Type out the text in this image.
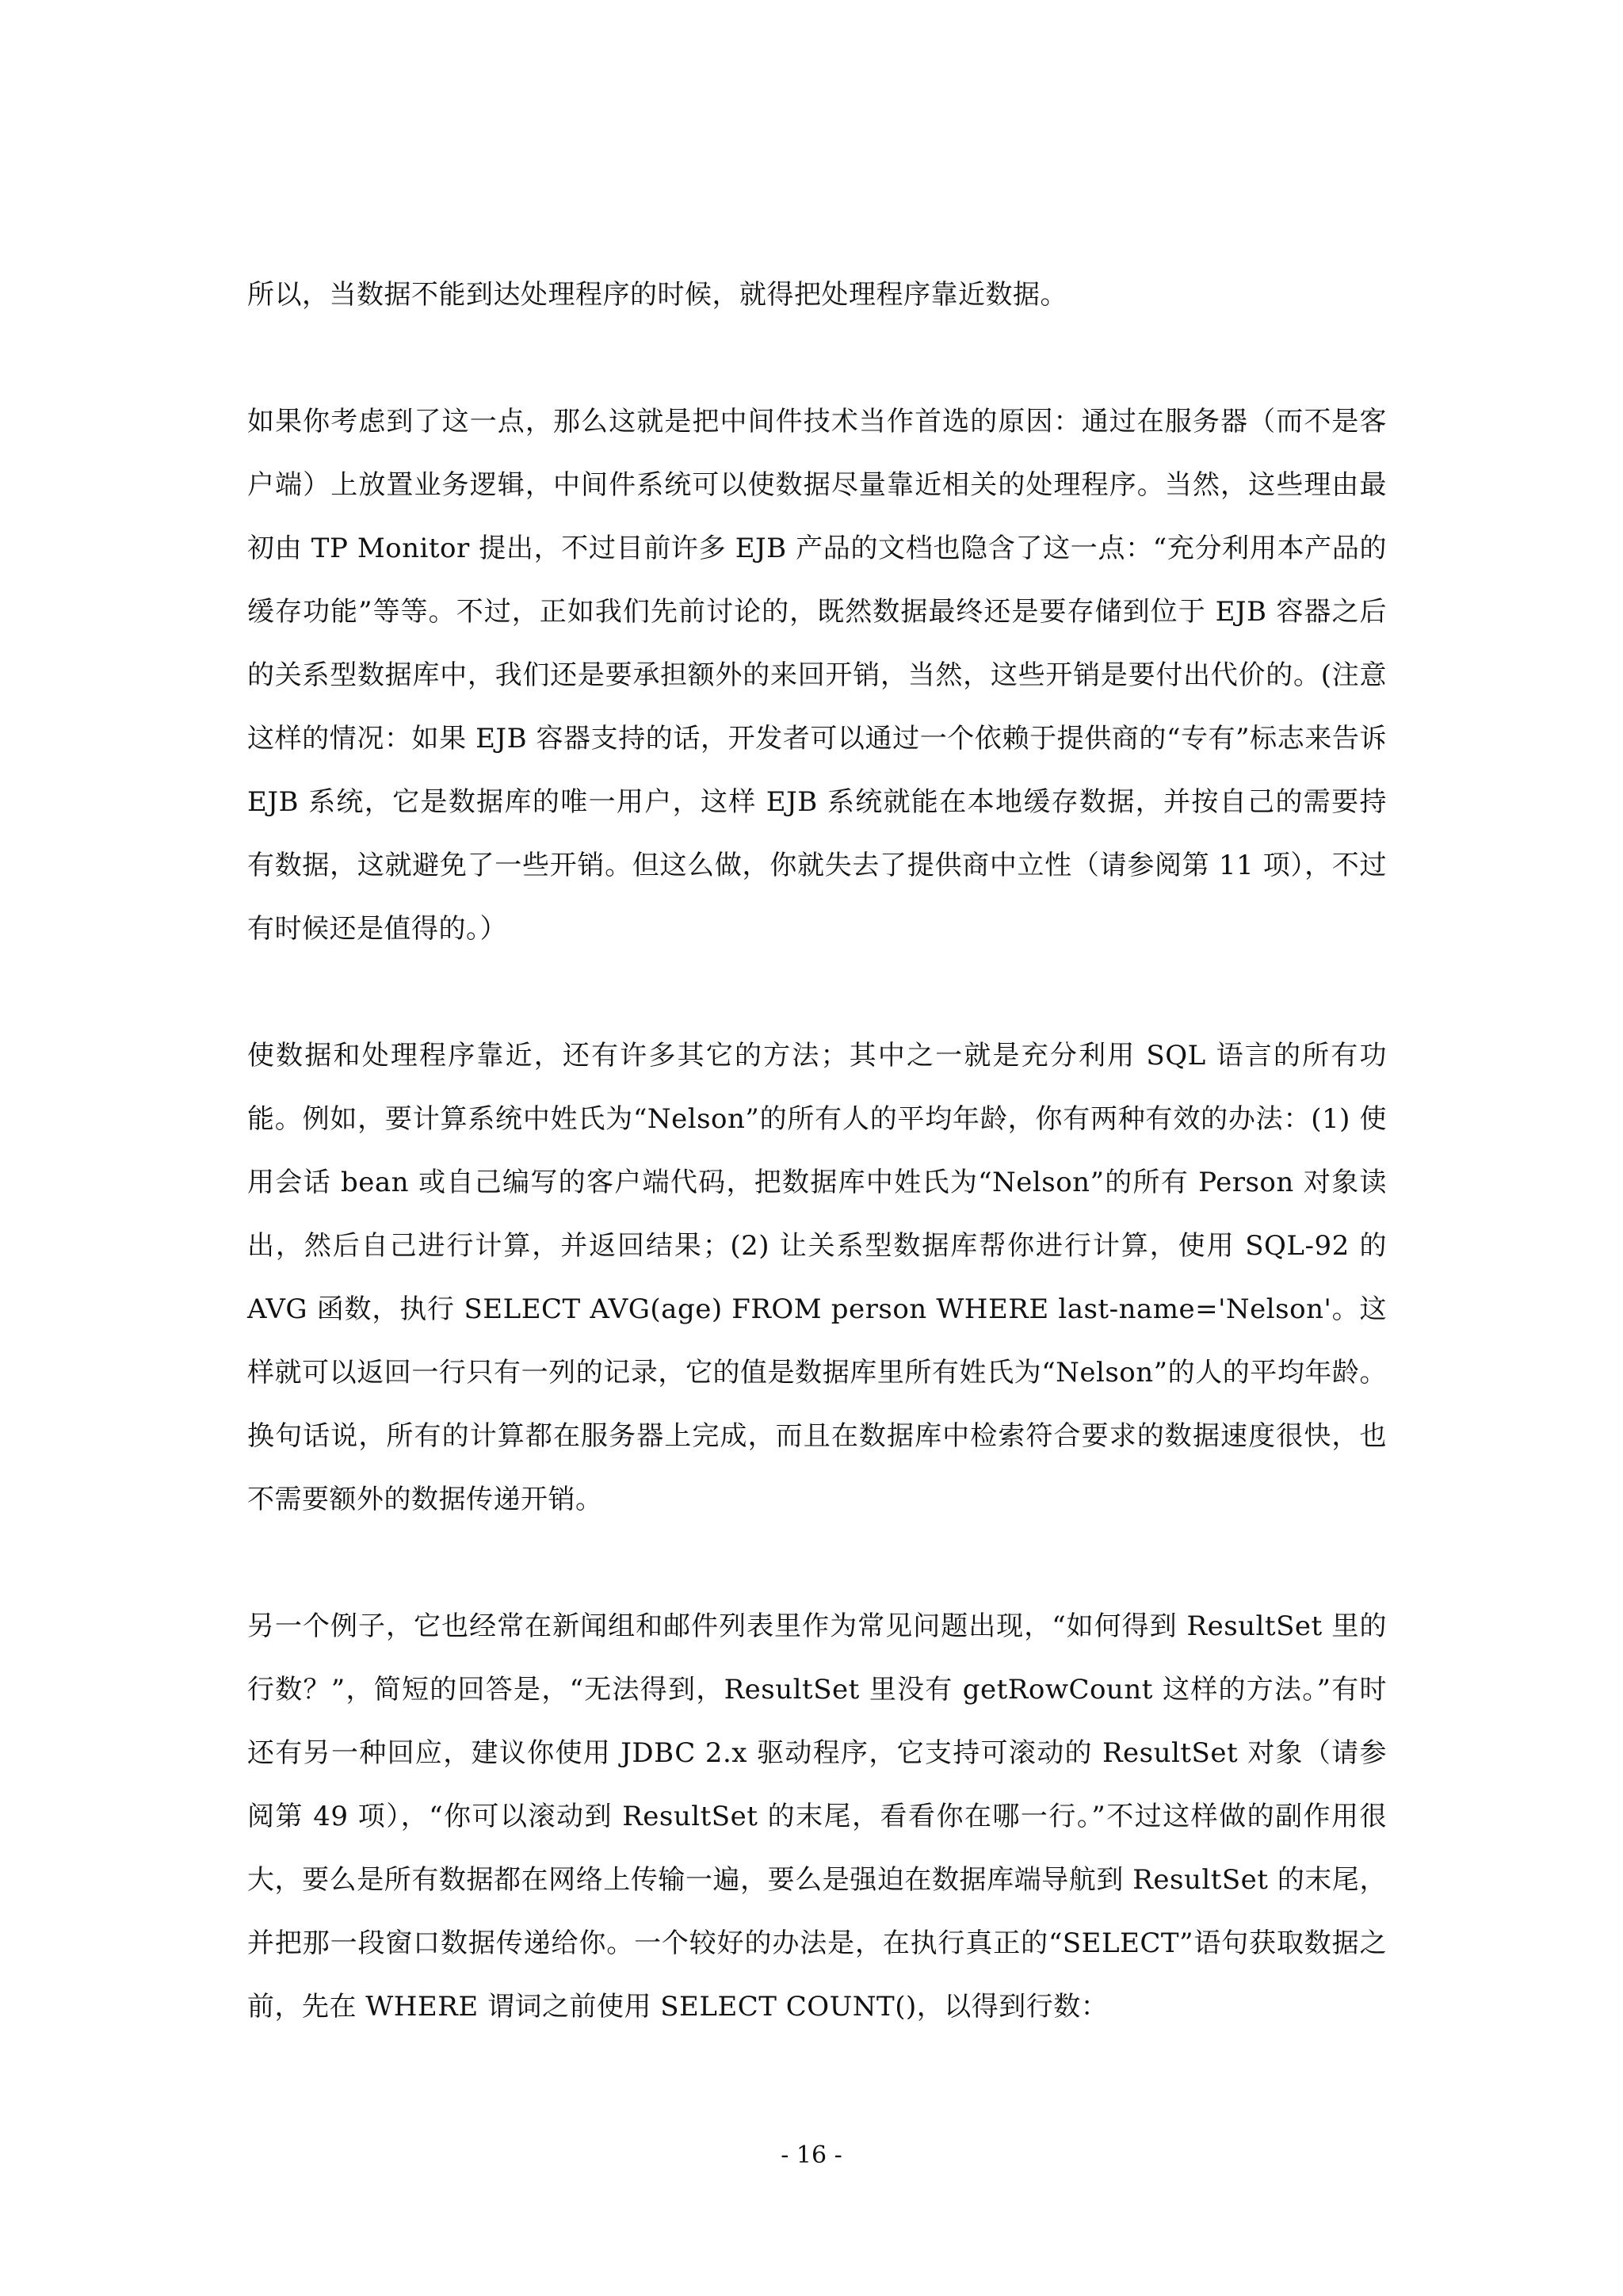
所以，当数据不能到达处理程序的时候，就得把处理程序靠近数据。

如果你考虑到了这一点，那么这就是把中间件技术当作首选的原因：通过在服务器（而不是客户端）上放置业务逻辑，中间件系统可以使数据尽量靠近相关的处理程序。当然，这些理由最初由 TP Monitor 提出，不过目前许多 EJB 产品的文档也隐含了这一点：“充分利用本产品的缓存功能”等等。不过，正如我们先前讨论的，既然数据最终还是要存储到位于 EJB 容器之后的关系型数据库中，我们还是要承担额外的来回开销，当然，这些开销是要付出代价的。(注意这样的情况：如果 EJB 容器支持的话，开发者可以通过一个依赖于提供商的“专有”标志来告诉 EJB 系统，它是数据库的唯一用户，这样 EJB 系统就能在本地缓存数据，并按自己的需要持有数据，这就避免了一些开销。但这么做，你就失去了提供商中立性（请参阅第 11 项），不过有时候还是值得的。）

使数据和处理程序靠近，还有许多其它的方法；其中之一就是充分利用 SQL 语言的所有功能。例如，要计算系统中姓氏为“Nelson”的所有人的平均年龄，你有两种有效的办法：(1) 使用会话 bean 或自己编写的客户端代码，把数据库中姓氏为“Nelson”的所有 Person 对象读出，然后自己进行计算，并返回结果；(2) 让关系型数据库帮你进行计算，使用 SQL-92 的 AVG 函数，执行 SELECT AVG(age) FROM person WHERE last-name='Nelson'。这样就可以返回一行只有一列的记录，它的值是数据库里所有姓氏为“Nelson”的人的平均年龄。换句话说，所有的计算都在服务器上完成，而且在数据库中检索符合要求的数据速度很快，也不需要额外的数据传递开销。

另一个例子，它也经常在新闻组和邮件列表里作为常见问题出现，“如何得到 ResultSet 里的行数？”，简短的回答是，“无法得到，ResultSet 里没有 getRowCount 这样的方法。”有时还有另一种回应，建议你使用 JDBC 2.x 驱动程序，它支持可滚动的 ResultSet 对象（请参阅第 49 项），“你可以滚动到 ResultSet 的末尾，看看你在哪一行。”不过这样做的副作用很大，要么是所有数据都在网络上传输一遍，要么是强迫在数据库端导航到 ResultSet 的末尾，并把那一段窗口数据传递给你。一个较好的办法是，在执行真正的“SELECT”语句获取数据之前，先在 WHERE 谓词之前使用 SELECT COUNT()，以得到行数：

- 16 -
